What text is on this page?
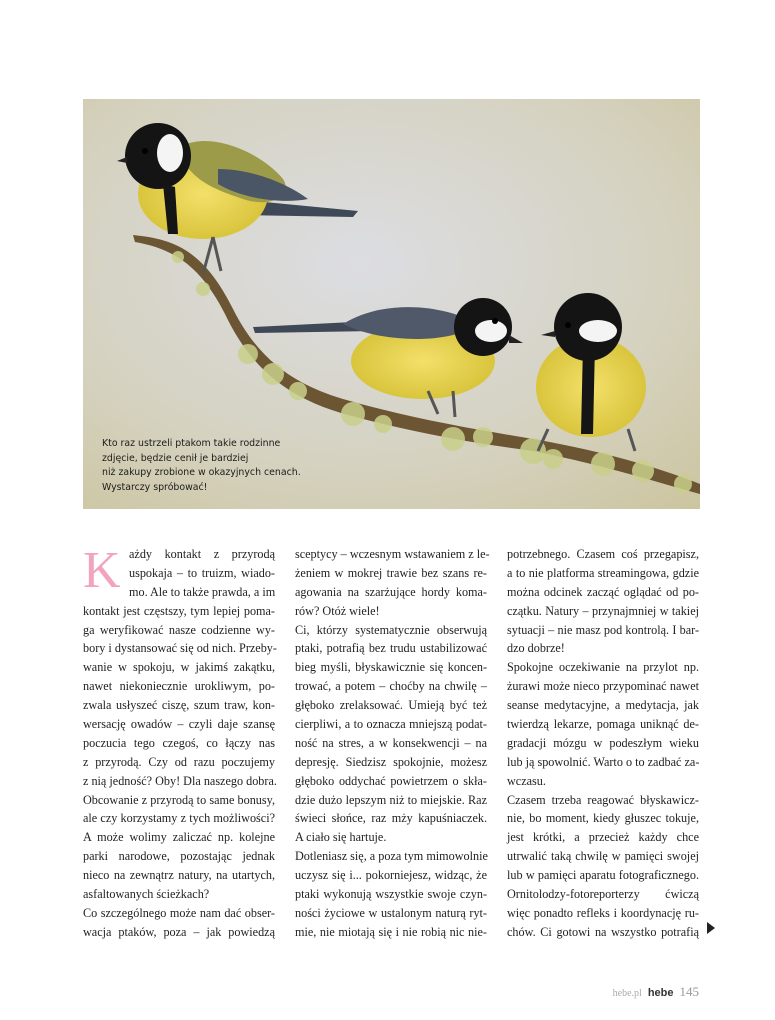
Kto raz ustrzeli ptakom takie rodzinne
zdjęcie, będzie cenił je bardziej
niż zakupy zrobione w okazyjnych cenach.
Wystarczy spróbować!
K ażdy kontakt z przyrodą
uspokaja – to truizm, wiado-
mo. Ale to także prawda, a im
kontakt jest częstszy, tym lepiej poma-
ga weryfikować nasze codzienne wy-
bory i dystansować się od nich. Przeby-
wanie w spokoju, w jakimś zakątku,
nawet niekoniecznie urokliwym, po-
zwala usłyszeć ciszę, szum traw, kon-
wersację owadów – czyli daje szansę
poczucia tego czegoś, co łączy nas
z przyrodą. Czy od razu poczujemy
z nią jedność? Oby! Dla naszego dobra.
Obcowanie z przyrodą to same bonusy,
ale czy korzystamy z tych możliwości?
A może wolimy zaliczać np. kolejne
parki narodowe, pozostając jednak
nieco na zewnątrz natury, na utartych,
asfaltowanych ścieżkach?
Co szczególnego może nam dać obser-
wacja ptaków, poza – jak powiedzą
sceptycy – wczesnym wstawaniem z le-
żeniem w mokrej trawie bez szans re-
agowania na szarżujące hordy koma-
rów? Otóż wiele!
Ci, którzy systematycznie obserwują
ptaki, potrafią bez trudu ustabilizować
bieg myśli, błyskawicznie się koncen-
trować, a potem – choćby na chwilę –
głęboko zrelaksować. Umieją być też
cierpliwi, a to oznacza mniejszą podat-
ność na stres, a w konsekwencji – na
depresję. Siedzisz spokojnie, możesz
głęboko oddychać powietrzem o skła-
dzie dużo lepszym niż to miejskie. Raz
świeci słońce, raz mży kapuśniaczek.
A ciało się hartuje.
Dotleniasz się, a poza tym mimowolnie
uczysz się i... pokorniejesz, widząc, że
ptaki wykonują wszystkie swoje czyn-
ności życiowe w ustalonym naturą ryt-
mie, nie miotają się i nie robią nic nie-
potrzebnego. Czasem coś przegapisz,
a to nie platforma streamingowa, gdzie
można odcinek zacząć oglądać od po-
czątku. Natury – przynajmniej w takiej
sytuacji – nie masz pod kontrolą. I bar-
dzo dobrze!
Spokojne oczekiwanie na przylot np.
żurawi może nieco przypominać nawet
seanse medytacyjne, a medytacja, jak
twierdzą lekarze, pomaga uniknąć de-
gradacji mózgu w podeszłym wieku
lub ją spowolnić. Warto o to zadbać za-
wczasu.
Czasem trzeba reagować błyskawicz-
nie, bo moment, kiedy głuszec tokuje,
jest krótki, a przecież każdy chce
utrwalić taką chwilę w pamięci swojej
lub w pamięci aparatu fotograficznego.
Ornitolodzy-fotoreporterzy ćwiczą
więc ponadto refleks i koordynację ru-
chów. Ci gotowi na wszystko potrafią
hebe.pl hebe 145
